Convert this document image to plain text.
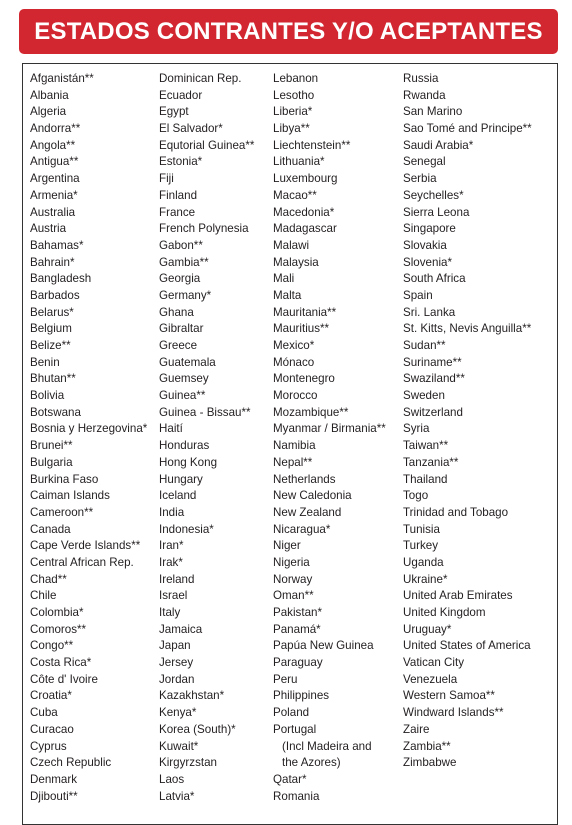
ESTADOS CONTRANTES Y/O ACEPTANTES
Afganistán**
Albania
Algeria
Andorra**
Angola**
Antigua**
Argentina
Armenia*
Australia
Austria
Bahamas*
Bahrain*
Bangladesh
Barbados
Belarus*
Belgium
Belize**
Benin
Bhutan**
Bolivia
Botswana
Bosnia y Herzegovina*
Brunei**
Bulgaria
Burkina Faso
Caiman Islands
Cameroon**
Canada
Cape Verde Islands**
Central African Rep.
Chad**
Chile
Colombia*
Comoros**
Congo**
Costa Rica*
Côte d' Ivoire
Croatia*
Cuba
Curacao
Cyprus
Czech Republic
Denmark
Djibouti**
Dominican Rep.
Ecuador
Egypt
El Salvador*
Equtorial Guinea**
Estonia*
Fiji
Finland
France
French Polynesia
Gabon**
Gambia**
Georgia
Germany*
Ghana
Gibraltar
Greece
Guatemala
Guemsey
Guinea**
Guinea - Bissau**
Haití
Honduras
Hong Kong
Hungary
Iceland
India
Indonesia*
Iran*
Irak*
Ireland
Israel
Italy
Jamaica
Japan
Jersey
Jordan
Kazakhstan*
Kenya*
Korea (South)*
Kuwait*
Kirgyrzstan
Laos
Latvia*
Lebanon
Lesotho
Liberia*
Libya**
Liechtenstein**
Lithuania*
Luxembourg
Macao**
Macedonia*
Madagascar
Malawi
Malaysia
Mali
Malta
Mauritania**
Mauritius**
Mexico*
Mónaco
Montenegro
Morocco
Mozambique**
Myanmar / Birmania**
Namibia
Nepal**
Netherlands
New Caledonia
New Zealand
Nicaragua*
Niger
Nigeria
Norway
Oman**
Pakistan*
Panamá*
Papúa New Guinea
Paraguay
Peru
Philippines
Poland
Portugal
(Incl Madeira and
the Azores)
Qatar*
Romania
Russia
Rwanda
San Marino
Sao Tomé and Principe**
Saudi Arabia*
Senegal
Serbia
Seychelles*
Sierra Leona
Singapore
Slovakia
Slovenia*
South Africa
Spain
Sri. Lanka
St. Kitts, Nevis Anguilla**
Sudan**
Suriname**
Swaziland**
Sweden
Switzerland
Syria
Taiwan**
Tanzania**
Thailand
Togo
Trinidad and Tobago
Tunisia
Turkey
Uganda
Ukraine*
United Arab Emirates
United Kingdom
Uruguay*
United States of America
Vatican City
Venezuela
Western Samoa**
Windward Islands**
Zaire
Zambia**
Zimbabwe
